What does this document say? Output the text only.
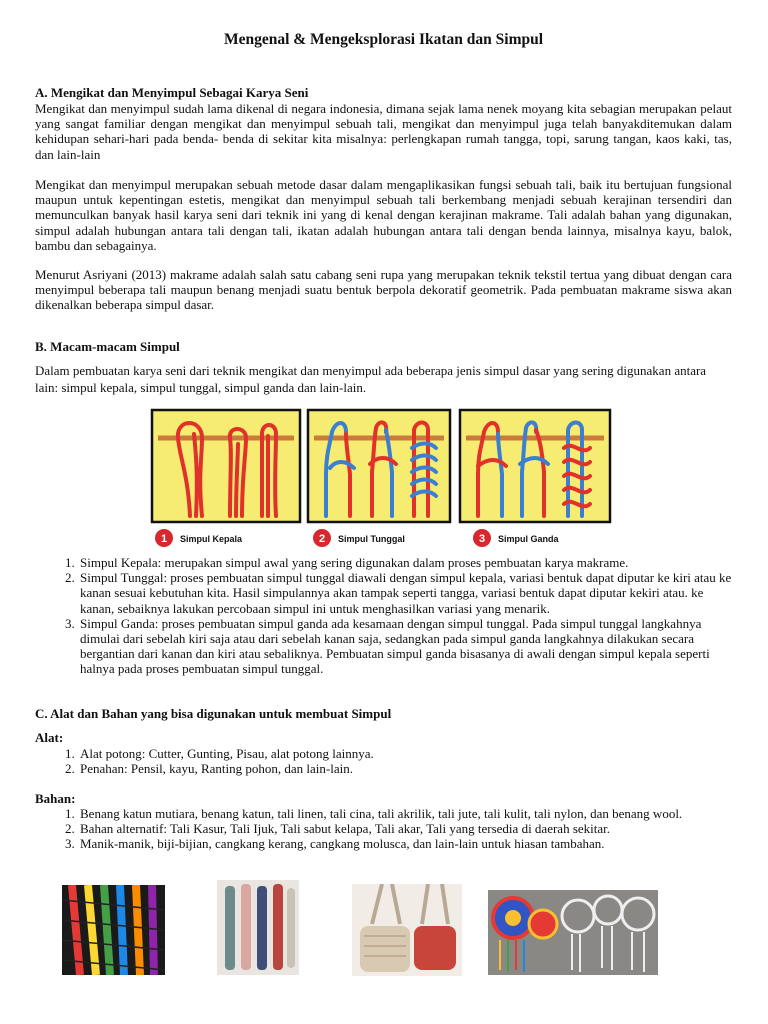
Mengenal & Mengeksplorasi Ikatan dan Simpul
A. Mengikat dan Menyimpul Sebagai Karya Seni
Mengikat dan menyimpul sudah lama dikenal di negara indonesia, dimana sejak lama nenek moyang kita sebagian merupakan pelaut yang sangat familiar dengan mengikat dan menyimpul sebuah tali, mengikat dan menyimpul juga telah banyakditemukan dalam kehidupan sehari-hari pada benda- benda di sekitar kita misalnya: perlengkapan rumah tangga, topi, sarung tangan, kaos kaki, tas, dan lain-lain
Mengikat dan menyimpul merupakan sebuah metode dasar dalam mengaplikasikan fungsi sebuah tali, baik itu bertujuan fungsional maupun untuk kepentingan estetis, mengikat dan menyimpul sebuah tali berkembang menjadi sebuah kerajinan tersendiri dan memunculkan banyak hasil karya seni dari teknik ini yang di kenal dengan kerajinan makrame. Tali adalah bahan yang digunakan, simpul adalah hubungan antara tali dengan tali, ikatan adalah hubungan antara tali dengan benda lainnya, misalnya kayu, balok, bambu dan sebagainya.
Menurut Asriyani (2013) makrame adalah salah satu cabang seni rupa yang merupakan teknik tekstil tertua yang dibuat dengan cara menyimpul beberapa tali maupun benang menjadi suatu bentuk berpola dekoratif geometrik. Pada pembuatan makrame siswa akan dikenalkan beberapa simpul dasar.
B. Macam-macam Simpul
Dalam pembuatan karya seni dari teknik mengikat dan menyimpul ada beberapa jenis simpul dasar yang sering digunakan antara lain: simpul kepala, simpul tunggal, simpul ganda dan lain-lain.
1 Simpul Kepala	2 Simpul Tunggal	3 Simpul Ganda
1. Simpul Kepala: merupakan simpul awal yang sering digunakan dalam proses pembuatan karya makrame.
2. Simpul Tunggal: proses pembuatan simpul tunggal diawali dengan simpul kepala, variasi bentuk dapat diputar ke kiri atau ke kanan sesuai kebutuhan kita. Hasil simpulannya akan tampak seperti tangga, variasi bentuk dapat diputar kekiri atau. ke kanan, sebaiknya lakukan percobaan simpul ini untuk menghasilkan variasi yang menarik.
3. Simpul Ganda: proses pembuatan simpul ganda ada kesamaan dengan simpul tunggal. Pada simpul tunggal langkahnya dimulai dari sebelah kiri saja atau dari sebelah kanan saja, sedangkan pada simpul ganda langkahnya dilakukan secara bergantian dari kanan dan kiri atau sebaliknya. Pembuatan simpul ganda bisasanya di awali dengan simpul kepala seperti halnya pada proses pembuatan simpul tunggal.
C. Alat dan Bahan yang bisa digunakan untuk membuat Simpul
Alat:
1. Alat potong: Cutter, Gunting, Pisau, alat potong lainnya.
2. Penahan: Pensil, kayu, Ranting pohon, dan lain-lain.
Bahan:
1. Benang katun mutiara, benang katun, tali linen, tali cina, tali akrilik, tali jute, tali kulit, tali nylon, dan benang wool.
2. Bahan alternatif: Tali Kasur, Tali Ijuk, Tali sabut kelapa, Tali akar, Tali yang tersedia di daerah sekitar.
3. Manik-manik, biji-bijian, cangkang kerang, cangkang molusca, dan lain-lain untuk hiasan tambahan.
